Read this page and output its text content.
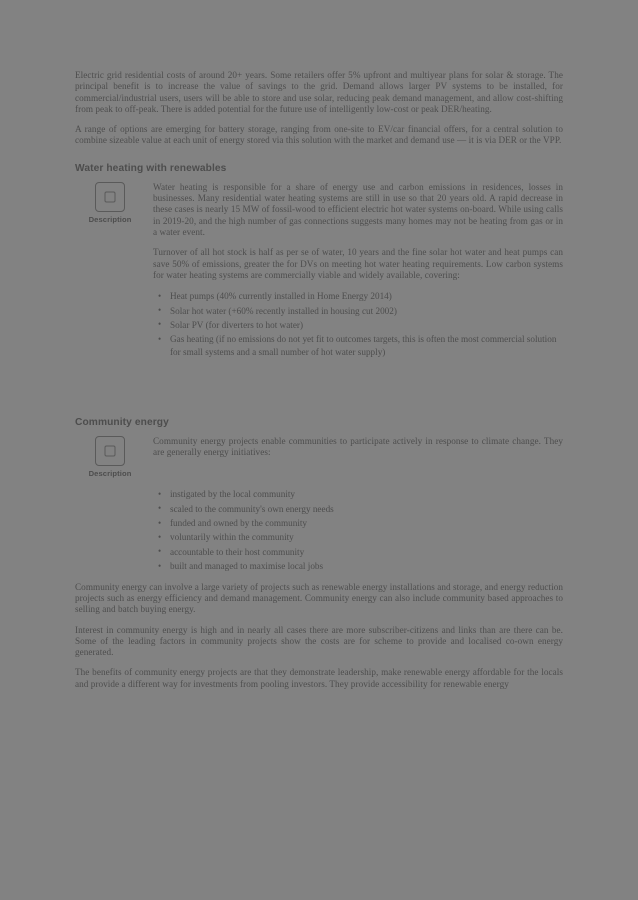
Electric grid residential costs of around 20+ years. Some retailers offer 5% upfront and multiyear plans for solar & storage. The principal benefit is to increase the value of savings to the grid. Demand allows larger PV systems to be installed, for commercial/industrial users, users will be able to store and use solar, reducing peak demand management, and allow cost-shifting from peak to off-peak. There is added potential for the future use of intelligently low-cost or peak DER/heating.

A range of options are emerging for battery storage, ranging from one-site to EV/car financial offers, for a central solution to combine sizeable value at each unit of energy stored via this solution with the market and demand use — it is via DER or the VPP.

Water heating with renewables
Description

Water heating is responsible for a share of energy use and carbon emissions in residences, losses in businesses. Many residential water heating systems are still in use so that 20 years old. A rapid decrease in these cases is nearly 15 MW of fossil-wood to efficient electric hot water systems on-board. While using calls in 2019-20, and the high number of gas connections suggests many homes may not be heating from gas or in a water event.

Turnover of all hot stock is half as per se of water, 10 years and the fine solar hot water and heat pumps can save 50% of emissions, greater the for DVs on meeting hot water heating requirements. Low carbon systems for water heating systems are commercially viable and widely available, covering:

• Heat pumps (40% currently installed in Home Energy 2014)
• Solar hot water (+60% recently installed in housing cut 2002)
• Solar PV (for diverters to hot water)
• Gas heating (if no emissions do not yet fit to outcomes targets, this is often the most commercial solution for small systems and a small number of hot water supply)
Community energy
Description

Community energy projects enable communities to participate actively in response to climate change. They are generally energy initiatives:

• instigated by the local community
• scaled to the community's own energy needs
• funded and owned by the community
• voluntarily within the community
• accountable to their host community
• built and managed to maximise local jobs

Community energy can involve a large variety of projects such as renewable energy installations and storage, and energy reduction projects such as energy efficiency and demand management. Community energy can also include community based approaches to selling and batch buying energy.

Interest in community energy is high and in nearly all cases there are more subscriber-citizens and links than are there can be. Some of the leading factors in community projects show the costs are for scheme to provide and localised co-own energy generated.

The benefits of community energy projects are that they demonstrate leadership, make renewable energy affordable for the locals and provide a different way for investments from pooling investors. They provide accessibility for renewable energy
